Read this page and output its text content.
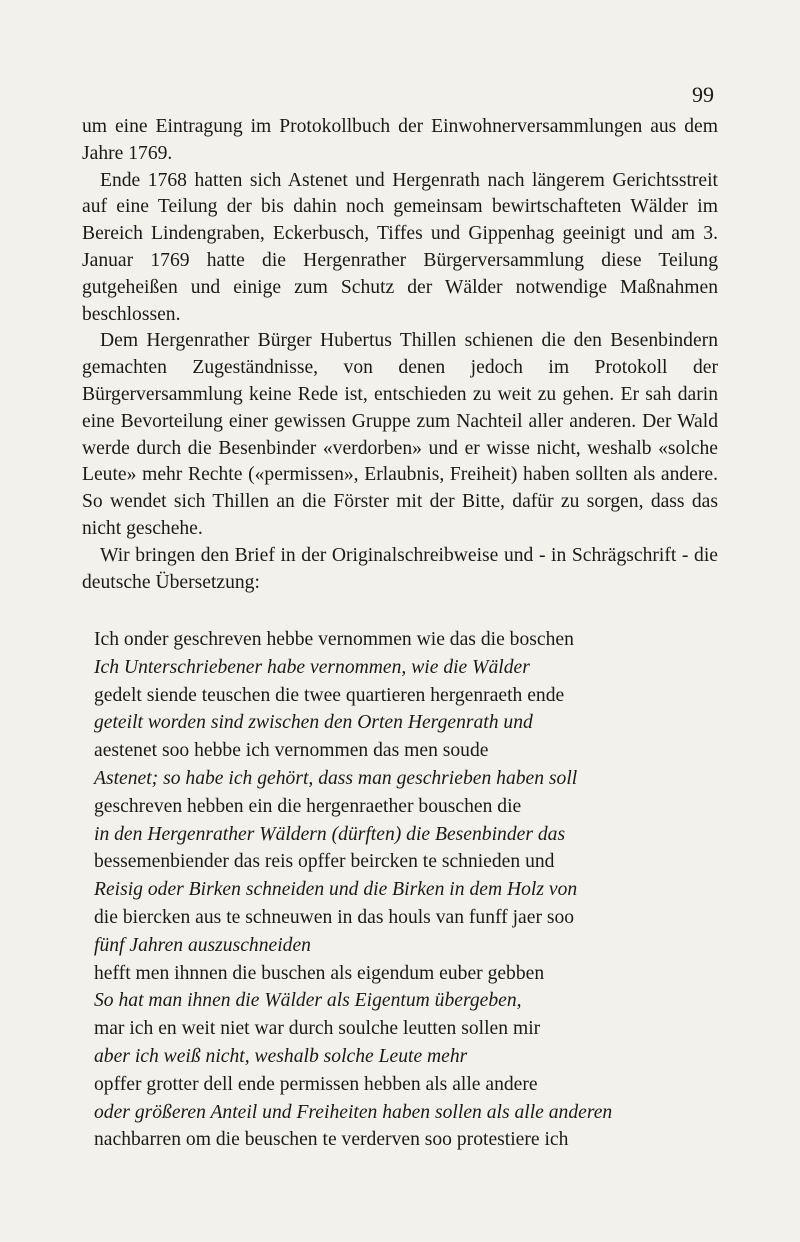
99

um eine Eintragung im Protokollbuch der Einwohnerversammlungen aus dem Jahre 1769.

Ende 1768 hatten sich Astenet und Hergenrath nach längerem Gerichtsstreit auf eine Teilung der bis dahin noch gemeinsam bewirtschafteten Wälder im Bereich Lindengraben, Eckerbusch, Tiffes und Gippenhag geeinigt und am 3. Januar 1769 hatte die Hergenrather Bürgerversammlung diese Teilung gutgeheißen und einige zum Schutz der Wälder notwendige Maßnahmen beschlossen.

Dem Hergenrather Bürger Hubertus Thillen schienen die den Besenbindern gemachten Zugeständnisse, von denen jedoch im Protokoll der Bürgerversammlung keine Rede ist, entschieden zu weit zu gehen. Er sah darin eine Bevorteilung einer gewissen Gruppe zum Nachteil aller anderen. Der Wald werde durch die Besenbinder «verdorben» und er wisse nicht, weshalb «solche Leute» mehr Rechte («permissen», Erlaubnis, Freiheit) haben sollten als andere. So wendet sich Thillen an die Förster mit der Bitte, dafür zu sorgen, dass das nicht geschehe.

Wir bringen den Brief in der Originalschreibweise und - in Schrägschrift - die deutsche Übersetzung:

Ich onder geschreven hebbe vernommen wie das die boschen
Ich Unterschriebener habe vernommen, wie die Wälder
gedelt siende teuschen die twee quartieren hergenraeth ende
geteilt worden sind zwischen den Orten Hergenrath und
aestenet soo hebbe ich vernommen das men soude
Astenet; so habe ich gehört, dass man geschrieben haben soll
geschreven hebben ein die hergenraether bouschen die
in den Hergenrather Wäldern (dürften) die Besenbinder das
bessemenbiender das reis opffer beircken te schnieden und
Reisig oder Birken schneiden und die Birken in dem Holz von
die biercken aus te schneuwen in das houls van funff jaer soo
fünf Jahren auszuschneiden
hefft men ihnnen die buschen als eigendum euber gebben
So hat man ihnen die Wälder als Eigentum übergeben,
mar ich en weit niet war durch soulche leutten sollen mir
aber ich weiß nicht, weshalb solche Leute mehr
opffer grotter dell ende permissen hebben als alle andere
oder größeren Anteil und Freiheiten haben sollen als alle anderen
nachbarren om die beuschen te verderven soo protestiere ich
